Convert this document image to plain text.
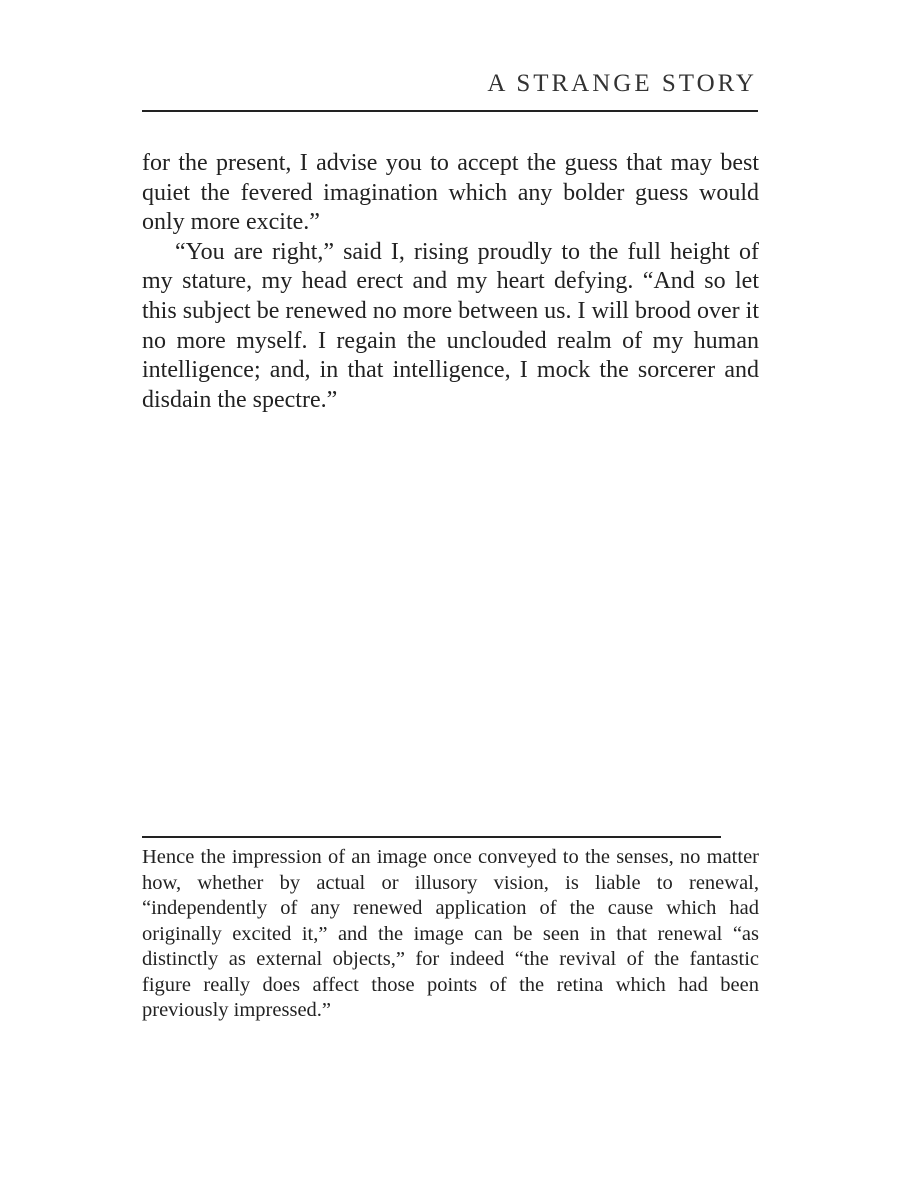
A STRANGE STORY

for the present, I advise you to accept the guess that may best quiet the fevered imagination which any bolder guess would only more excite.”

“You are right,” said I, rising proudly to the full height of my stature, my head erect and my heart defying. “And so let this subject be renewed no more between us. I will brood over it no more myself. I regain the unclouded realm of my human intelligence; and, in that intelligence, I mock the sorcerer and disdain the spectre.”

Hence the impression of an image once conveyed to the senses, no matter how, whether by actual or illusory vision, is liable to renewal, “independently of any renewed application of the cause which had originally excited it,” and the image can be seen in that renewal “as distinctly as external objects,” for indeed “the revival of the fantastic figure really does affect those points of the retina which had been previously impressed.”
